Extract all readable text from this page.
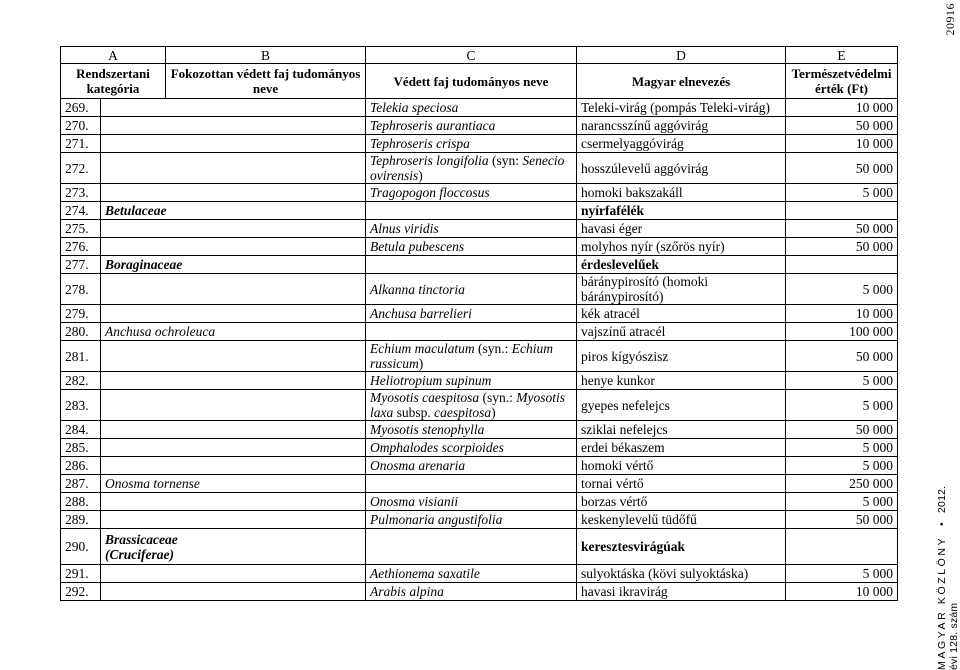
20916
MAGYAR KÖZLÖNY • 2012. évi 128. szám
A		B	C	D	E
Rendszertani kategória		Fokozottan védett faj tudományos neve	Védett faj tudományos neve	Magyar elnevezés	Természetvédelmi érték (Ft)
269.			Telekia speciosa	Teleki-virág (pompás Teleki-virág)	10 000
270.			Tephroseris aurantiaca	narancsszínű aggóvirág	50 000
271.			Tephroseris crispa	csermelyaggóvirág	10 000
272.			Tephroseris longifolia (syn: Senecio ovirensis)	hosszúlevelű aggóvirág	50 000
273.			Tragopogon floccosus	homoki bakszakáll	5 000
274.	Betulaceae			nyírfafélék	
275.			Alnus viridis	havasi éger	50 000
276.			Betula pubescens	molyhos nyír (szőrös nyír)	50 000
277.	Boraginaceae			érdeslevelűek	
278.			Alkanna tinctoria	báránypirosító (homoki báránypirosító)	5 000
279.			Anchusa barrelieri	kék atracél	10 000
280.	Anchusa ochroleuca			vajszínű atracél	100 000
281.			Echium maculatum (syn.: Echium russicum)	piros kígyószisz	50 000
282.			Heliotropium supinum	henye kunkor	5 000
283.			Myosotis caespitosa (syn.: Myosotis laxa subsp. caespitosa)	gyepes nefelejcs	5 000
284.			Myosotis stenophylla	sziklai nefelejcs	50 000
285.			Omphalodes scorpioides	erdei békaszem	5 000
286.			Onosma arenaria	homoki vértő	5 000
287.	Onosma tornense			tornai vértő	250 000
288.			Onosma visianii	borzas vértő	5 000
289.			Pulmonaria angustifolia	keskenylevelű tüdőfű	50 000
290.	Brassicaceae
(Cruciferae)			keresztesvirágúak	
291.			Aethionema saxatile	sulyoktáska (kövi sulyoktáska)	5 000
292.			Arabis alpina	havasi ikravirág	10 000
